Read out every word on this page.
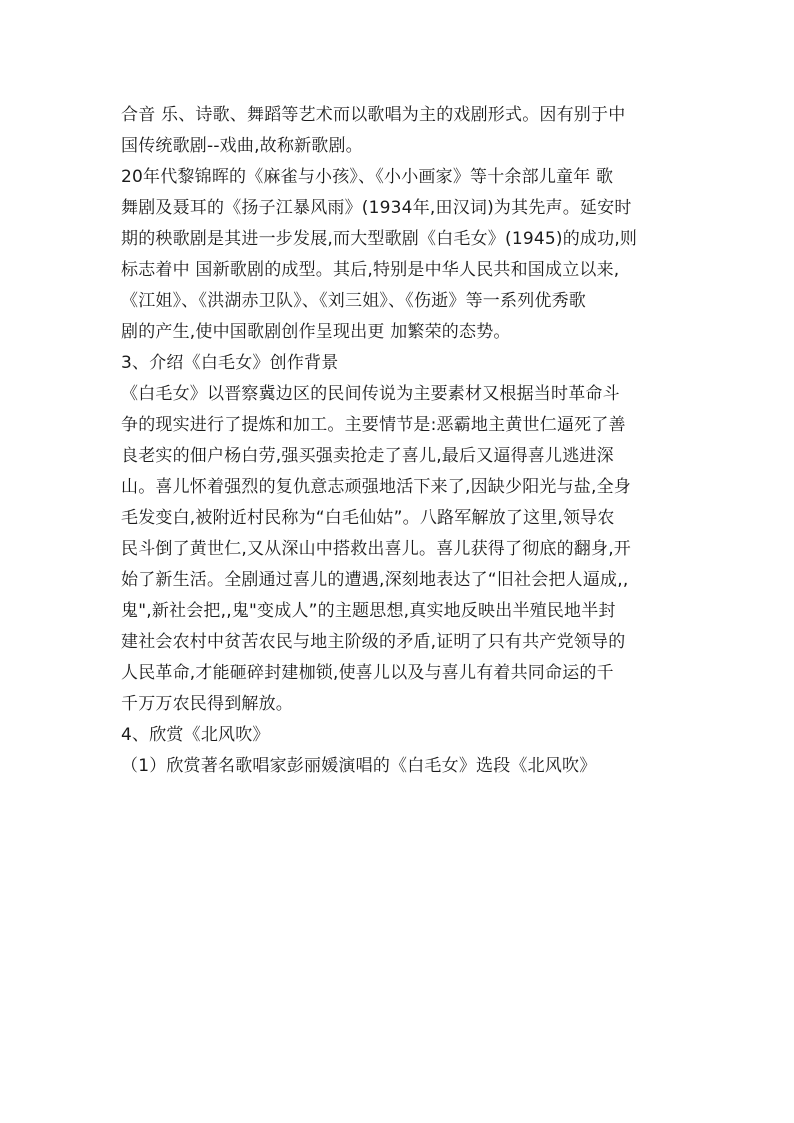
合音 乐、诗歌、舞蹈等艺术而以歌唱为主的戏剧形式。因有别于中
国传统歌剧--戏曲,故称新歌剧。
20年代黎锦晖的《麻雀与小孩》、《小小画家》等十余部儿童年 歌
舞剧及聂耳的《扬子江暴风雨》(1934年,田汉词)为其先声。延安时
期的秧歌剧是其进一步发展,而大型歌剧《白毛女》(1945)的成功,则
标志着中 国新歌剧的成型。其后,特别是中华人民共和国成立以来,
《江姐》、《洪湖赤卫队》、《刘三姐》、《伤逝》等一系列优秀歌
剧的产生,使中国歌剧创作呈现出更 加繁荣的态势。
3、介绍《白毛女》创作背景
《白毛女》以晋察冀边区的民间传说为主要素材又根据当时革命斗
争的现实进行了提炼和加工。主要情节是:恶霸地主黄世仁逼死了善
良老实的佃户杨白劳,强买强卖抢走了喜儿,最后又逼得喜儿逃进深
山。喜儿怀着强烈的复仇意志顽强地活下来了,因缺少阳光与盐,全身
毛发变白,被附近村民称为“白毛仙姑”。八路军解放了这里,领导农
民斗倒了黄世仁,又从深山中搭救出喜儿。喜儿获得了彻底的翻身,开
始了新生活。全剧通过喜儿的遭遇,深刻地表达了“旧社会把人逼成,,
鬼",新社会把,,鬼"变成人”的主题思想,真实地反映出半殖民地半封
建社会农村中贫苦农民与地主阶级的矛盾,证明了只有共产党领导的
人民革命,才能砸碎封建枷锁,使喜儿以及与喜儿有着共同命运的千
千万万农民得到解放。
4、欣赏《北风吹》
（1）欣赏著名歌唱家彭丽媛演唱的《白毛女》选段《北风吹》
